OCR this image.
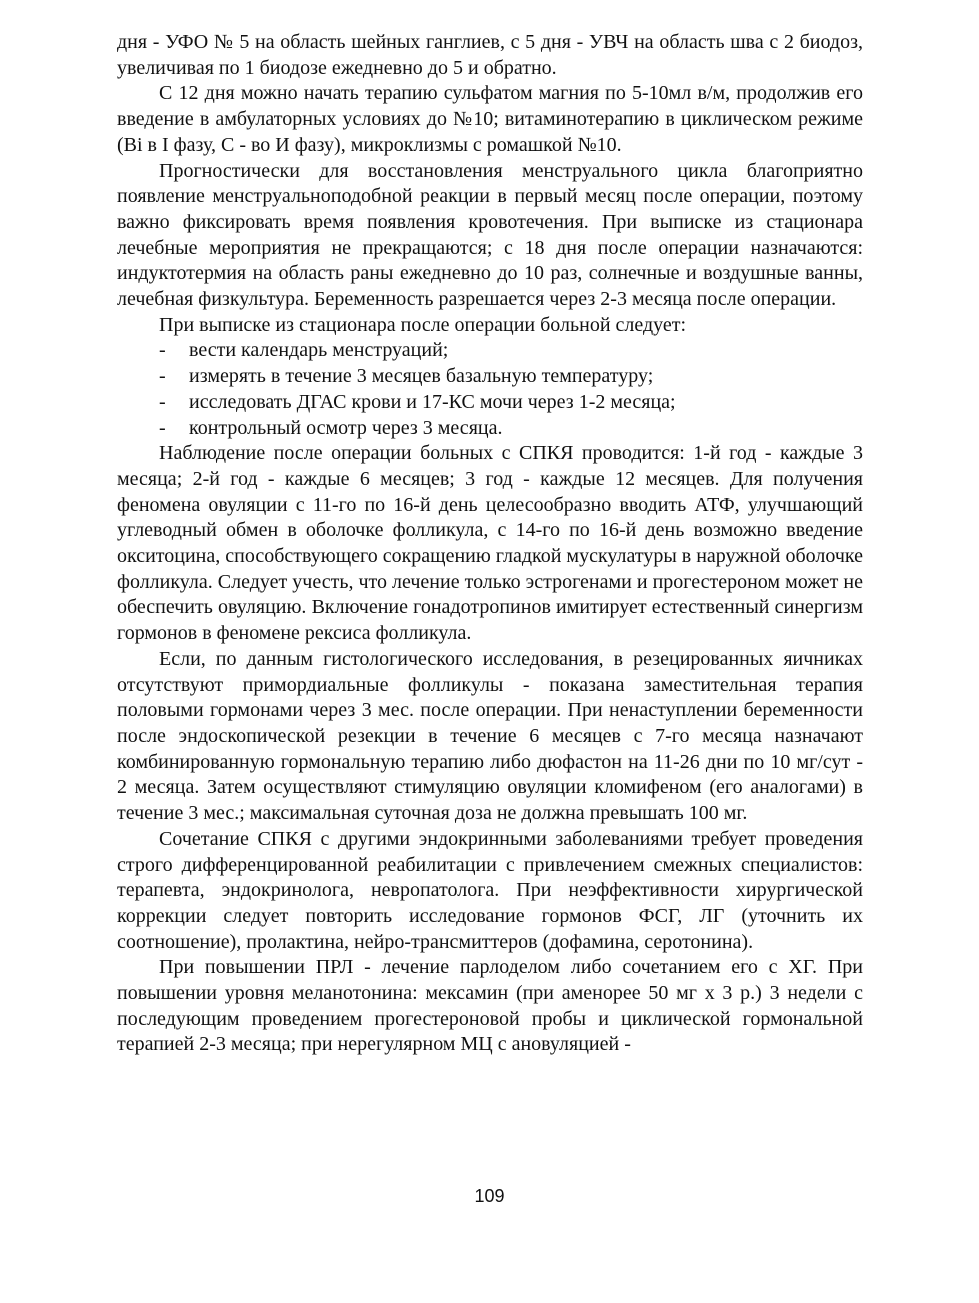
дня - УФО № 5 на область шейных ганглиев, с 5 дня - УВЧ на область шва с 2 биодоз, увеличивая по 1 биодозе ежедневно до 5 и обратно.

С 12 дня можно начать терапию сульфатом магния по 5-10мл в/м, продолжив его введение в амбулаторных условиях до №10; витаминотерапию в циклическом режиме (Bi в I фазу, С - во И фазу), микроклизмы с ромашкой №10.

Прогностически для восстановления менструального цикла благоприятно появление менструальноподобной реакции в первый месяц после операции, поэтому важно фиксировать время появления кровотечения. При выписке из стационара лечебные мероприятия не прекращаются; с 18 дня после операции назначаются: индуктотермия на область раны ежедневно до 10 раз, солнечные и воздушные ванны, лечебная физкультура. Беременность разрешается через 2-3 месяца после операции.

При выписке из стационара после операции больной следует:

- вести календарь менструаций;
- измерять в течение 3 месяцев базальную температуру;
- исследовать ДГАС крови и 17-КС мочи через 1-2 месяца;
- контрольный осмотр через 3 месяца.

Наблюдение после операции больных с СПКЯ проводится: 1-й год - каждые 3 месяца; 2-й год - каждые 6 месяцев; 3 год - каждые 12 месяцев. Для получения феномена овуляции с 11-го по 16-й день целесообразно вводить АТФ, улучшающий углеводный обмен в оболочке фолликула, с 14-го по 16-й день возможно введение окситоцина, способствующего сокращению гладкой мускулатуры в наружной оболочке фолликула. Следует учесть, что лечение только эстрогенами и прогестероном может не обеспечить овуляцию. Включение гонадотропинов имитирует естественный синергизм гормонов в феномене рексиса фолликула.

Если, по данным гистологического исследования, в резецированных яичниках отсутствуют примордиальные фолликулы - показана заместительная терапия половыми гормонами через 3 мес. после операции. При ненаступлении беременности после эндоскопической резекции в течение 6 месяцев с 7-го месяца назначают комбинированную гормональную терапию либо дюфастон на 11-26 дни по 10 мг/сут - 2 месяца. Затем осуществляют стимуляцию овуляции кломифеном (его аналогами) в течение 3 мес.; максимальная суточная доза не должна превышать 100 мг.

Сочетание СПКЯ с другими эндокринными заболеваниями требует проведения строго дифференцированной реабилитации с привлечением смежных специалистов: терапевта, эндокринолога, невропатолога. При неэффективности хирургической коррекции следует повторить исследование гормонов ФСГ, ЛГ (уточнить их соотношение), пролактина, нейро-трансмиттеров (дофамина, серотонина).

При повышении ПРЛ - лечение парлоделом либо сочетанием его с ХГ. При повышении уровня меланотонина: мексамин (при аменорее 50 мг х 3 р.) 3 недели с последующим проведением прогестероновой пробы и циклической гормональной терапией 2-3 месяца; при нерегулярном МЦ с ановуляцией -

109
